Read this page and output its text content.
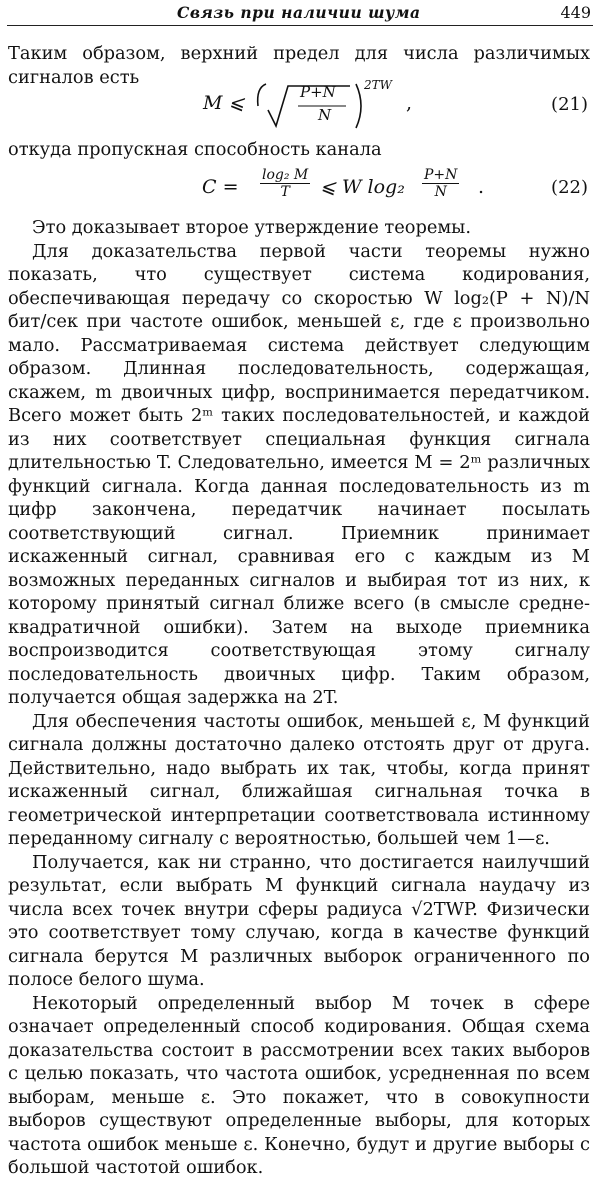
Связь при наличии шума	449

Таким образом, верхний предел для числа различимых сигналов есть

M ⩽	P+N
N
2TW
,	(21)

откуда пропускная способность канала

$C = \frac{\text{log₂ M}}{T}$ ⩽ W $\log_2 \frac{P+N}{N}$ .	(22)

Это доказывает второе утверждение теоремы.

Для доказательства первой части теоремы нужно показать, что существует система кодирования, обеспечивающая передачу со скоростью W log₂(P + N)/N бит/сек при частоте ошибок, меньшей ε, где ε произвольно мало. Рассматриваемая система действует следующим образом. Длинная последовательность, содержащая, скажем, m двоичных цифр, воспринимается передатчиком. Всего может быть 2ᵐ таких последовательностей, и каждой из них соответствует специальная функция сигнала длительностью T. Следовательно, имеется M = 2ᵐ различных функций сигнала. Когда данная последовательность из m цифр закончена, передатчик начинает посылать соответствующий сигнал. Приемник принимает искаженный сигнал, сравнивая его с каждым из M возможных переданных сигналов и выбирая тот из них, к которому принятый сигнал ближе всего (в смысле средне-квадратичной ошибки). Затем на выходе приемника воспроизводится соответствующая этому сигналу последовательность двоичных цифр. Таким образом, получается общая задержка на 2T.

Для обеспечения частоты ошибок, меньшей ε, M функций сигнала должны достаточно далеко отстоять друг от друга. Действительно, надо выбрать их так, чтобы, когда принят искаженный сигнал, ближайшая сигнальная точка в геометрической интерпретации соответствовала истинному переданному сигналу с вероятностью, большей чем 1—ε.

Получается, как ни странно, что достигается наилучший результат, если выбрать M функций сигнала наудачу из числа всех точек внутри сферы радиуса √2TWP. Физически это соответствует тому случаю, когда в качестве функций сигнала берутся M различных выборок ограниченного по полосе белого шума.

Некоторый определенный выбор M точек в сфере означает определенный способ кодирования. Общая схема доказательства состоит в рассмотрении всех таких выборов с целью показать, что частота ошибок, усредненная по всем выборам, меньше ε. Это покажет, что в совокупности выборов существуют определенные выборы, для которых частота ошибок меньше ε. Конечно, будут и другие выборы с большой частотой ошибок.
